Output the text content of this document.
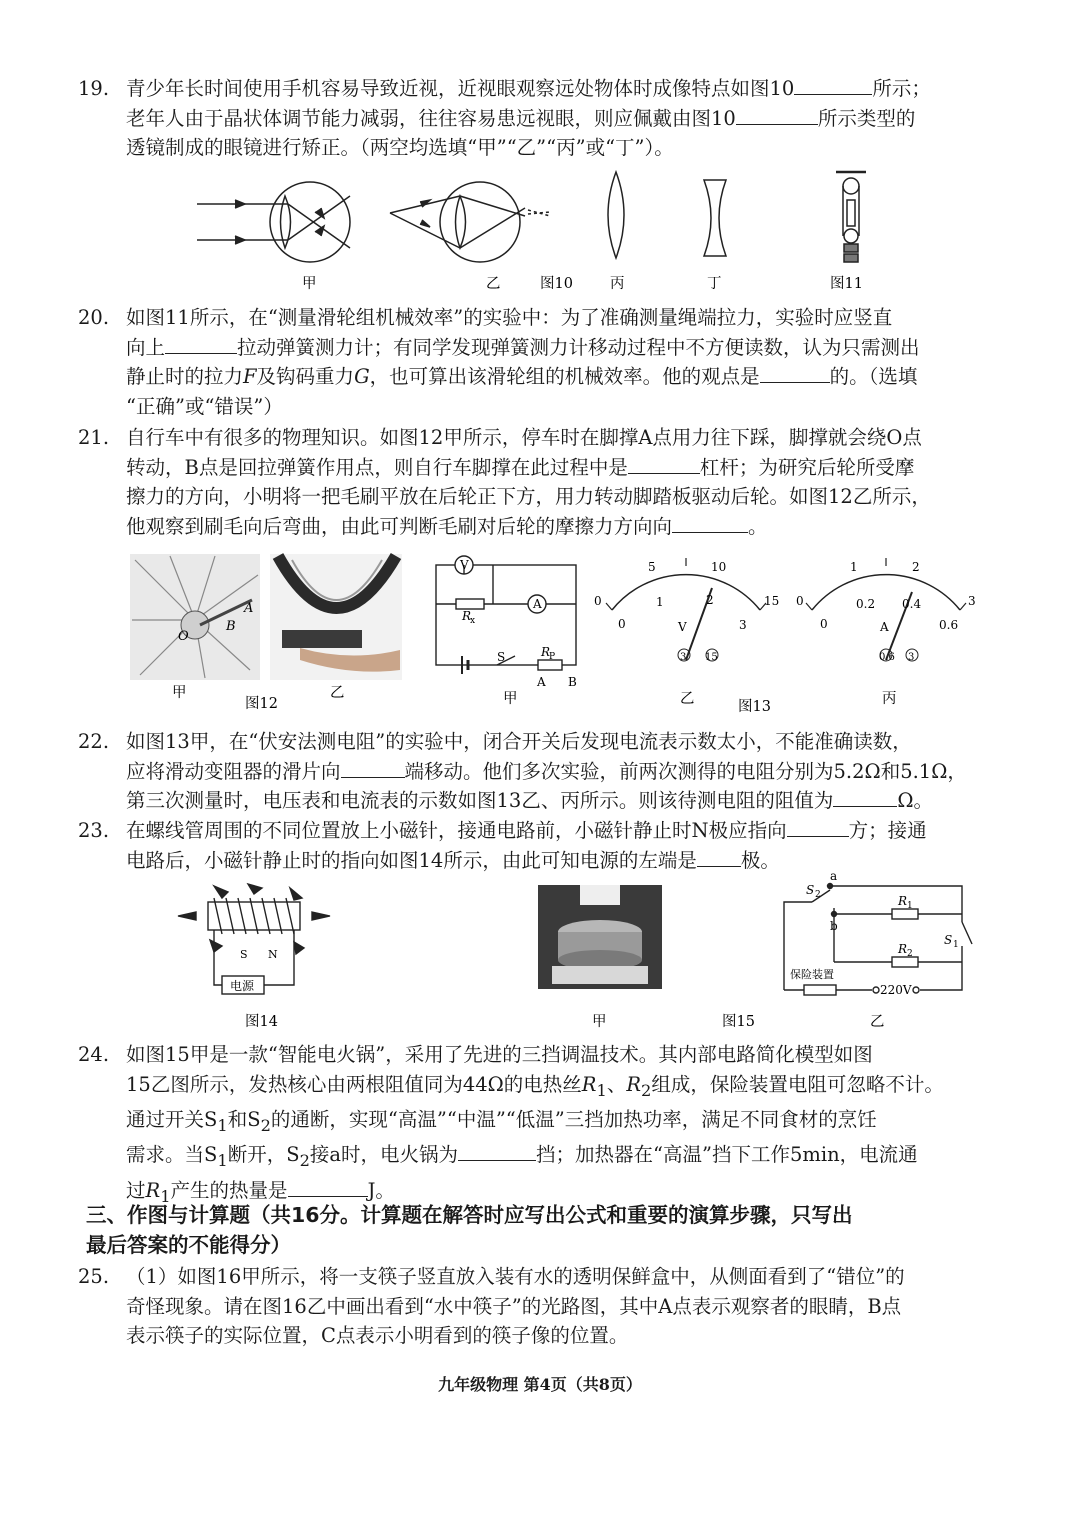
19. 青少年长时间使用手机容易导致近视，近视眼观察远处物体时成像特点如图10	所示；
老年人由于晶状体调节能力减弱，往往容易患远视眼，则应佩戴由图10	所示类型的
透镜制成的眼镜进行矫正。（两空均选填“甲”“乙”“丙”或“丁”）。
甲	乙	图10	丙	丁	图11
20. 如图11所示，在“测量滑轮组机械效率”的实验中：为了准确测量绳端拉力，实验时应竖直
向上	拉动弹簧测力计；有同学发现弹簧测力计移动过程中不方便读数，认为只需测出
静止时的拉力F及钩码重力G，也可算出该滑轮组的机械效率。他的观点是	的。（选填
“正确”或“错误”）
21. 自行车中有很多的物理知识。如图12甲所示，停车时在脚撑A点用力往下踩，脚撑就会绕O点
转动，B点是回拉弹簧作用点，则自行车脚撑在此过程中是	杠杆；为研究后轮所受摩
擦力的方向，小明将一把毛刷平放在后轮正下方，用力转动脚踏板驱动后轮。如图12乙所示，
他观察到刷毛向后弯曲，由此可判断毛刷对后轮的摩擦力方向向	。
O
B
A
甲
图12
乙
V
A
R
x
S	R
P
A B
5	10
0	15
0
1	2
3
V
3 15
1	2
0	3
0
0.2 0.4
0.6
A
0.6 3
甲	乙	图13	丙
22. 如图13甲，在“伏安法测电阻”的实验中，闭合开关后发现电流表示数太小，不能准确读数，
应将滑动变阻器的滑片向	端移动。他们多次实验，前两次测得的电阻分别为5.2Ω和5.1Ω，
第三次测量时，电压表和电流表的示数如图13乙、丙所示。则该待测电阻的阻值为	Ω。
23. 在螺线管周围的不同位置放上小磁针，接通电路前，小磁针静止时N极应指向	方；接通
电路后，小磁针静止时的指向如图14所示，由此可知电源的左端是 极。
S N
电源
图14	甲	图15	乙
S 2
a
b
R 1
R 2
S 1
保险装置
220V
24. 如图15甲是一款“智能电火锅”，采用了先进的三挡调温技术。其内部电路简化模型如图
15乙图所示，发热核心由两根阻值同为44Ω的电热丝$R_1$、$R_2$组成，保险装置电阻可忽略不计。
通过开关$S_1$和$S_2$的通断，实现“高温”“中温”“低温”三挡加热功率，满足不同食材的烹饪
需求。当$S_1$断开，$S_2$接a时，电火锅为	挡；加热器在“高温”挡下工作5min，电流通
过$R_1$产生的热量是	J。
三、作图与计算题（共16分。计算题在解答时应写出公式和重要的演算步骤，只写出
最后答案的不能得分）
25. （1）如图16甲所示，将一支筷子竖直放入装有水的透明保鲜盒中，从侧面看到了“错位”的
奇怪现象。请在图16乙中画出看到“水中筷子”的光路图，其中A点表示观察者的眼睛，B点
表示筷子的实际位置，C点表示小明看到的筷子像的位置。
九年级物理 第4页（共8页）
